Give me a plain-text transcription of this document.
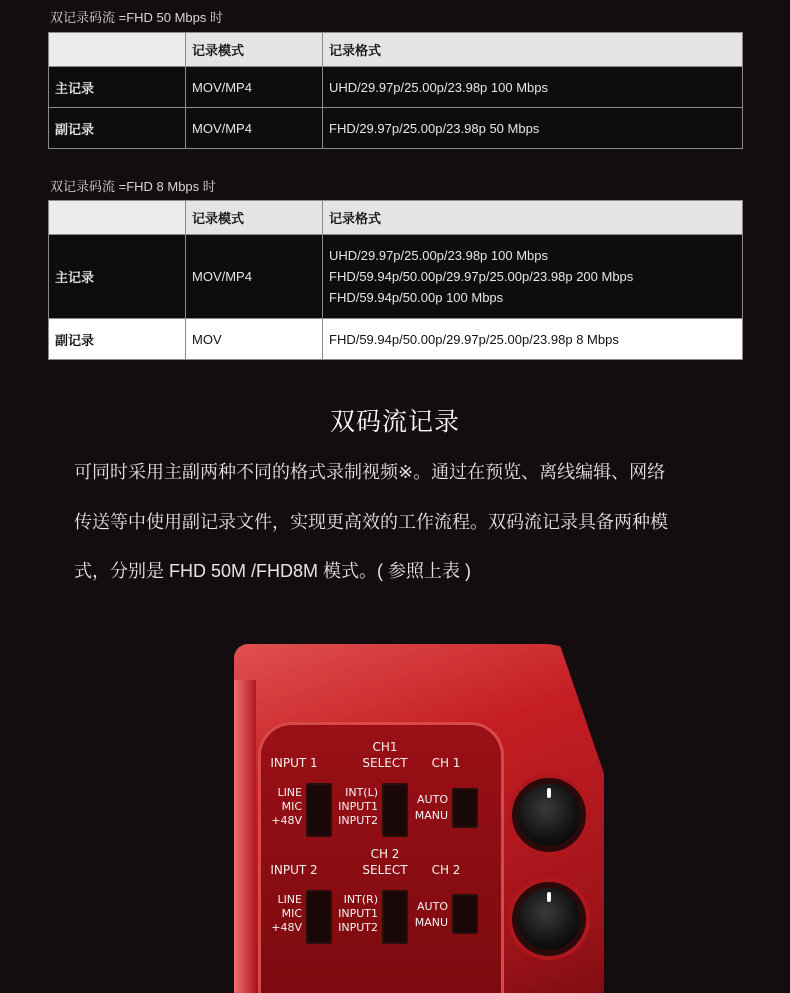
双记录码流 =FHD 50 Mbps 时
	记录模式	记录格式
主记录	MOV/MP4	UHD/29.97p/25.00p/23.98p 100 Mbps
副记录	MOV/MP4	FHD/29.97p/25.00p/23.98p 50 Mbps
双记录码流 =FHD 8 Mbps 时
	记录模式	记录格式
主记录	MOV/MP4	UHD/29.97p/25.00p/23.98p 100 Mbps
FHD/59.94p/50.00p/29.97p/25.00p/23.98p 200 Mbps
FHD/59.94p/50.00p 100 Mbps

副记录	MOV	FHD/59.94p/50.00p/29.97p/25.00p/23.98p 8 Mbps
双码流记录
可同时采用主副两种不同的格式录制视频※。通过在预览、离线编辑、网络
传送等中使用副记录文件，实现更高效的工作流程。双码流记录具备两种模
式，分别是 FHD 50M /FHD8M 模式。( 参照上表 )
CH1
SELECT
INPUT 1	CH 1
LINE
MIC
+48V
INT(L)
INPUT1
INPUT2
AUTO
MANU
CH 2
SELECT
INPUT 2	CH 2
LINE
MIC
+48V
INT(R)
INPUT1
INPUT2
AUTO
MANU
